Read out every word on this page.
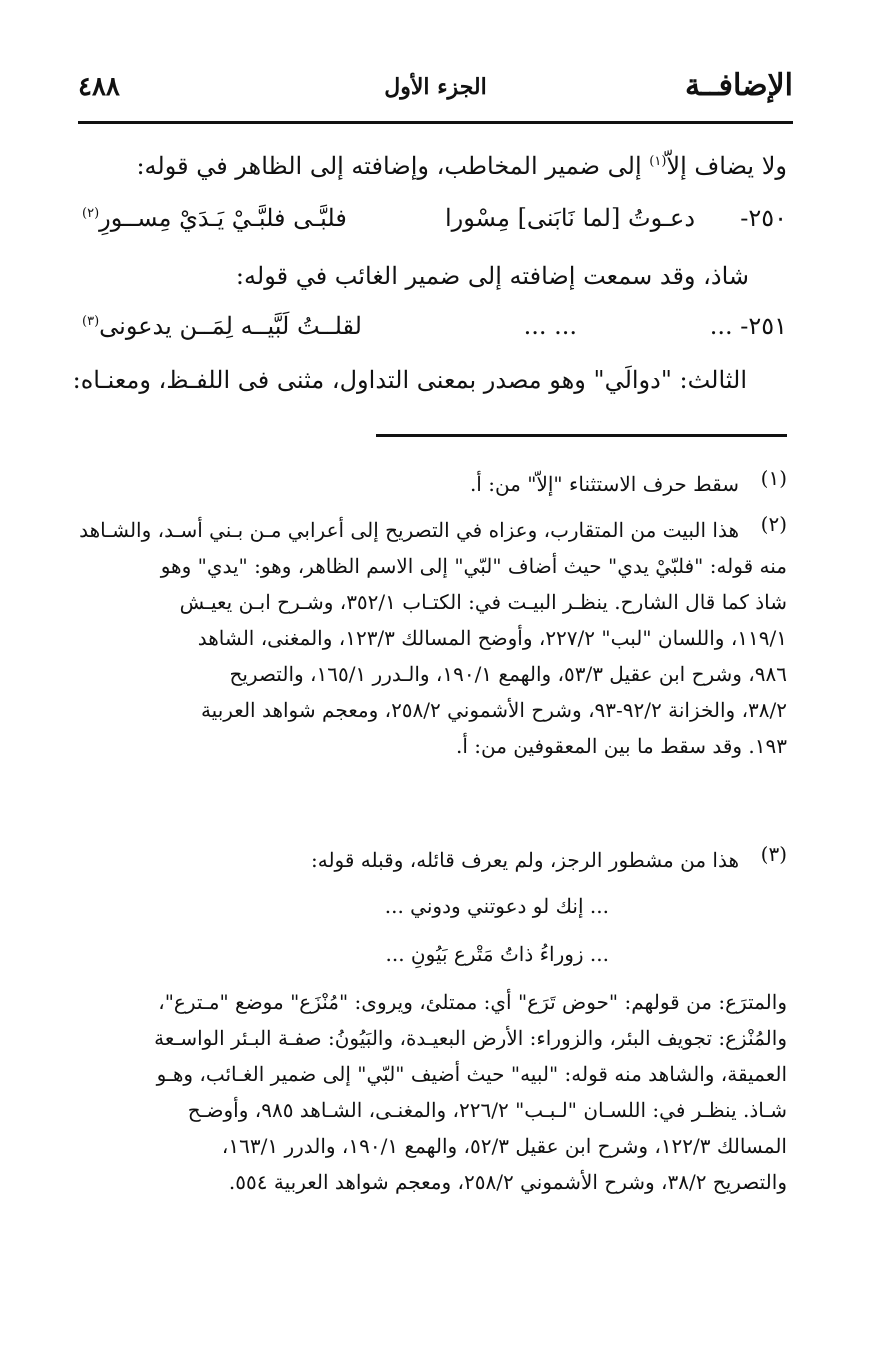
الإضافــة
الجزء الأول
٤٨٨
ولا يضاف إلاّ$^{(١)}$ إلى ضمير المخاطب، وإضافته إلى الظاهر في قوله:
٢٥٠-
دعـوتُ [لما نَابَنى] مِسْورا
فلبَّـى فلبَّـيْ يَـدَيْ مِســورِ$^{(٢)}$
شاذ، وقد سمعت إضافته إلى ضمير الغائب في قوله:
٢٥١- ...
... ...
لقلــتُ لَبَّيــه لِمَــن يدعونى$^{(٣)}$
الثالث: "دوالَي" وهو مصدر بمعنى التداول، مثنى فى اللفـظ، ومعنـاه:
(١)
سقط حرف الاستثناء "إلاّ" من: أ.
(٢)
هذا البيت من المتقارب، وعزاه في التصريح إلى أعرابي مـن بـني أسـد، والشـاهد
منه قوله: "فلبّيْ يدي" حيث أضاف "لبّي" إلى الاسم الظاهر، وهو: "يدي" وهو
شاذ كما قال الشارح. ينظـر البيـت في: الكتـاب ٣٥٢/١، وشـرح ابـن يعيـش
١١٩/١، واللسان "لبب" ٢٢٧/٢، وأوضح المسالك ١٢٣/٣، والمغنى، الشاهد
٩٨٦، وشرح ابن عقيل ٥٣/٣، والهمع ١٩٠/١، والـدرر ١٦٥/١، والتصريح
٣٨/٢، والخزانة ٩٢/٢-٩٣، وشرح الأشموني ٢٥٨/٢، ومعجم شواهد العربية
١٩٣. وقد سقط ما بين المعقوفين من: أ.
(٣)
هذا من مشطور الرجز، ولم يعرف قائله، وقبله قوله:
... إنك لو دعوتني ودوني ...
... زوراءُ ذاتُ مَتْرع بَيُونِ ...
والمترَع: من قولهم: "حوض تَرَع" أي: ممتلئ، ويروى: "مُنْزَع" موضع "مـترع"،
والمُنْزع: تجويف البئر، والزوراء: الأرض البعيـدة، والبَيُونُ: صفـة البـئر الواسـعة
العميقة، والشاهد منه قوله: "لبيه" حيث أضيف "لبّي" إلى ضمير الغـائب، وهـو
شـاذ. ينظـر في: اللسـان "لـبـب" ٢٢٦/٢، والمغنـى، الشـاهد ٩٨٥، وأوضـح
المسالك ١٢٢/٣، وشرح ابن عقيل ٥٢/٣، والهمع ١٩٠/١، والدرر ١٦٣/١،
والتصريح ٣٨/٢، وشرح الأشموني ٢٥٨/٢، ومعجم شواهد العربية ٥٥٤.
